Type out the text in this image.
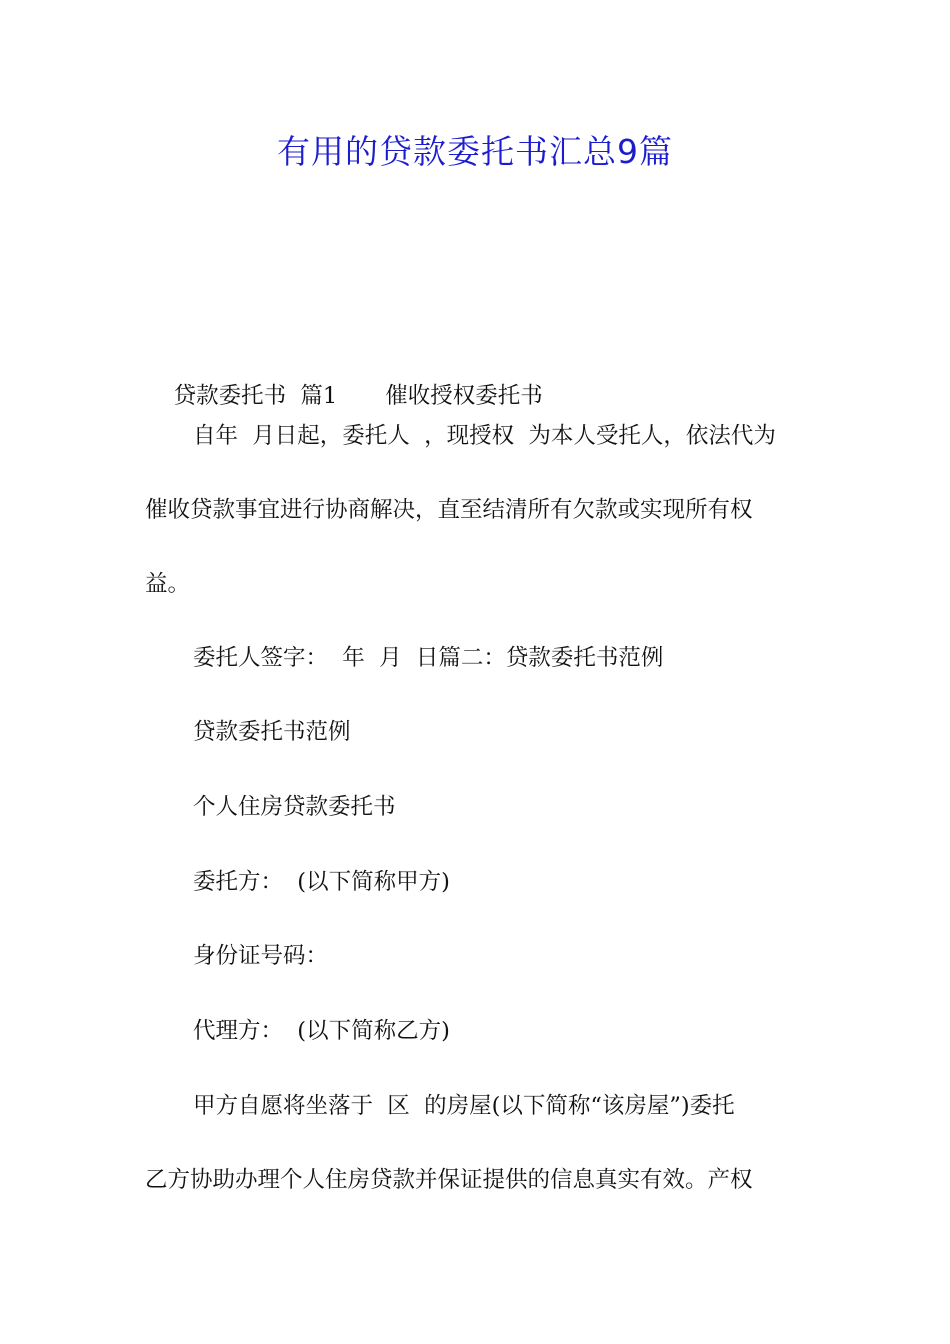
有用的贷款委托书汇总9篇

贷款委托书  篇1 催收授权委托书

自年  月日起，委托人  ，现授权  为本人受托人，依法代为
催收贷款事宜进行协商解决，直至结清所有欠款或实现所有权
益。
委托人签字：  年  月  日篇二：贷款委托书范例
贷款委托书范例
个人住房贷款委托书
委托方：  (以下简称甲方)
身份证号码：
代理方：  (以下简称乙方)
甲方自愿将坐落于  区  的房屋(以下简称“该房屋”)委托
乙方协助办理个人住房贷款并保证提供的信息真实有效。产权
